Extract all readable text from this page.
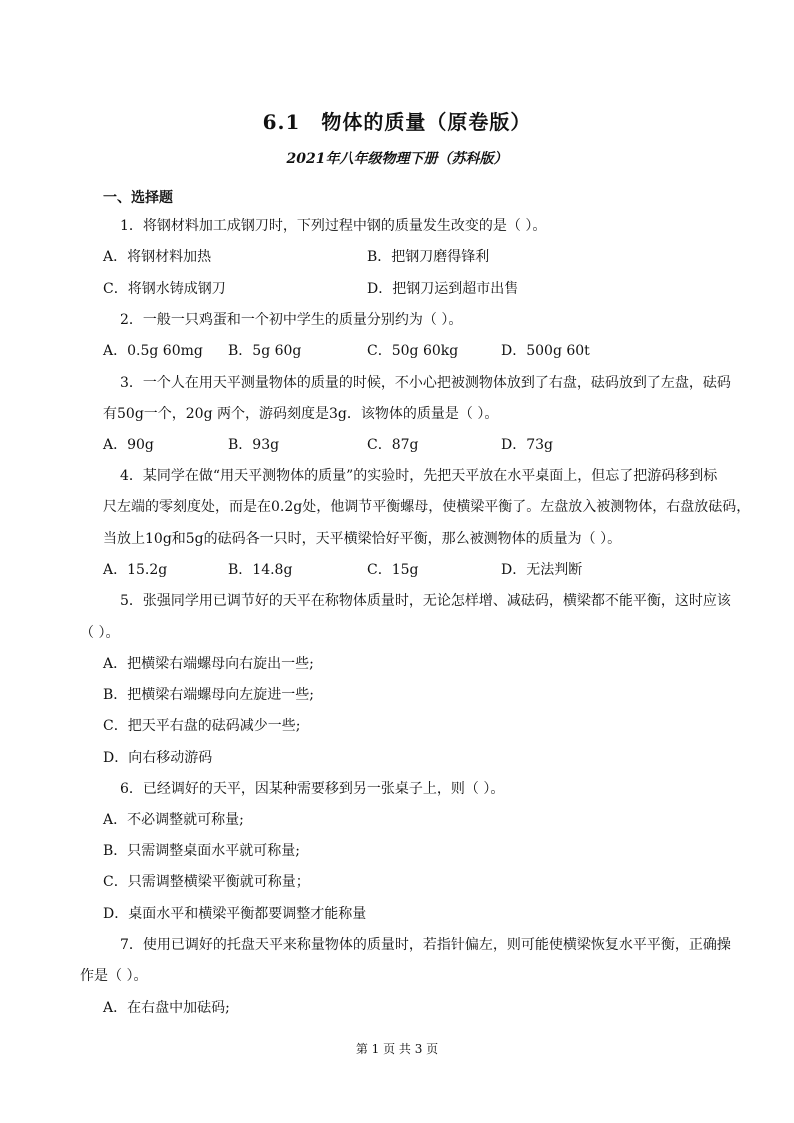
6.1　物体的质量（原卷版）
2021年八年级物理下册（苏科版）
一、选择题
1．将钢材料加工成钢刀时，下列过程中钢的质量发生改变的是（ ）。
A．将钢材料加热	B．把钢刀磨得锋利
C．将钢水铸成钢刀	D．把钢刀运到超市出售
2．一般一只鸡蛋和一个初中学生的质量分别约为（ ）。
A．0.5g 60mg B．5g 60g	C．50g 60kg	D．500g 60t
3．一个人在用天平测量物体的质量的时候，不小心把被测物体放到了右盘，砝码放到了左盘，砝码
有50g一个，20g 两个，游码刻度是3g．该物体的质量是（ ）。
A．90g	B．93g	C．87g	D．73g
4．某同学在做“用天平测物体的质量”的实验时，先把天平放在水平桌面上，但忘了把游码移到标
尺左端的零刻度处，而是在0.2g处，他调节平衡螺母，使横梁平衡了。左盘放入被测物体，右盘放砝码，
当放上10g和5g的砝码各一只时，天平横梁恰好平衡，那么被测物体的质量为（ ）。
A．15.2g	B．14.8g	C．15g	D．无法判断
5．张强同学用已调节好的天平在称物体质量时，无论怎样增、减砝码，横梁都不能平衡，这时应该
（ ）。
A．把横梁右端螺母向右旋出一些;
B．把横梁右端螺母向左旋进一些;
C．把天平右盘的砝码减少一些;
D．向右移动游码
6．已经调好的天平，因某种需要移到另一张桌子上，则（ ）。
A．不必调整就可称量;
B．只需调整桌面水平就可称量;
C．只需调整横梁平衡就可称量；
D．桌面水平和横梁平衡都要调整才能称量
7．使用已调好的托盘天平来称量物体的质量时，若指针偏左，则可能使横梁恢复水平平衡，正确操
作是（ ）。
A．在右盘中加砝码;
第 1 页 共 3 页
